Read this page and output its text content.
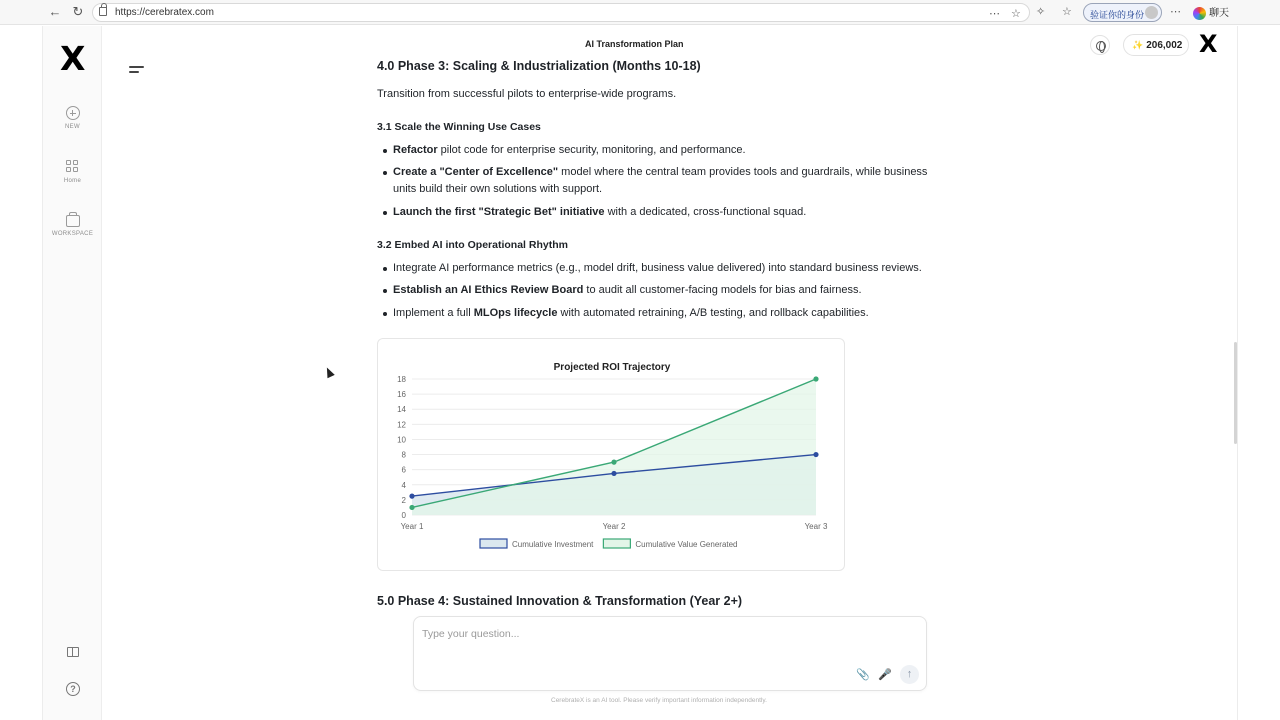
← ↻	https://cerebratex.com	⋯ ☆ ✧ ☆	验证你的身份	⋯	聊天
X
NEW
Home
WORKSPACE
?
AI Transformation Plan	✨ 206,002 X
4.0 Phase 3: Scaling & Industrialization (Months 10-18)
Transition from successful pilots to enterprise-wide programs.
3.1 Scale the Winning Use Cases
Refactor pilot code for enterprise security, monitoring, and performance.
Create a "Center of Excellence" model where the central team provides tools and guardrails, while business units build their own solutions with support.
Launch the first "Strategic Bet" initiative with a dedicated, cross-functional squad.
3.2 Embed AI into Operational Rhythm
Integrate AI performance metrics (e.g., model drift, business value delivered) into standard business reviews.
Establish an AI Ethics Review Board to audit all customer-facing models for bias and fairness.
Implement a full MLOps lifecycle with automated retraining, A/B testing, and rollback capabilities.
Projected ROI Trajectory
0
2
4
6
8
10
12
14
16
18
Year 1	Year 2	Year 3
Cumulative Investment	Cumulative Value Generated
5.0 Phase 4: Sustained Innovation & Transformation (Year 2+)
Type your question...
📎 🎤	↑
CerebrateX is an AI tool. Please verify important information independently.
